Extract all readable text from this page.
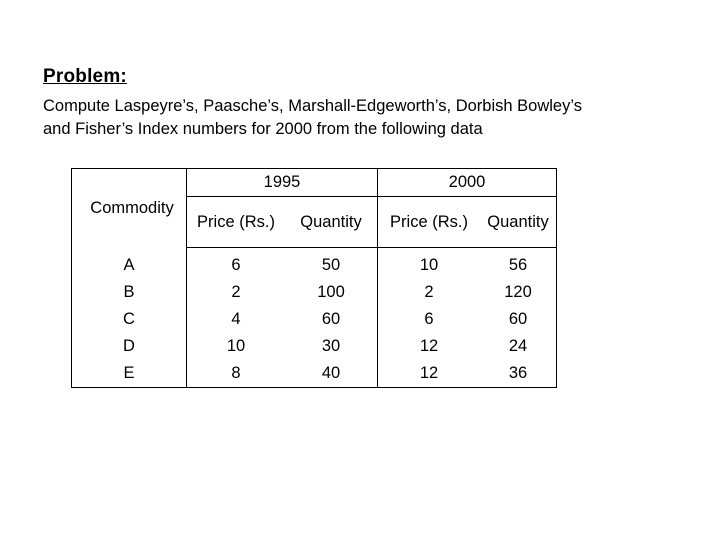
Problem:
Compute Laspeyre’s, Paasche’s, Marshall-Edgeworth’s, Dorbish Bowley’s
and Fisher’s Index numbers for 2000 from the following data
Commodity	1995		2000	
	Price (Rs.)	Quantity	Price (Rs.)	Quantity
A	6	50	10	56
B	2	100	2	120
C	4	60	6	60
D	10	30	12	24
E	8	40	12	36
